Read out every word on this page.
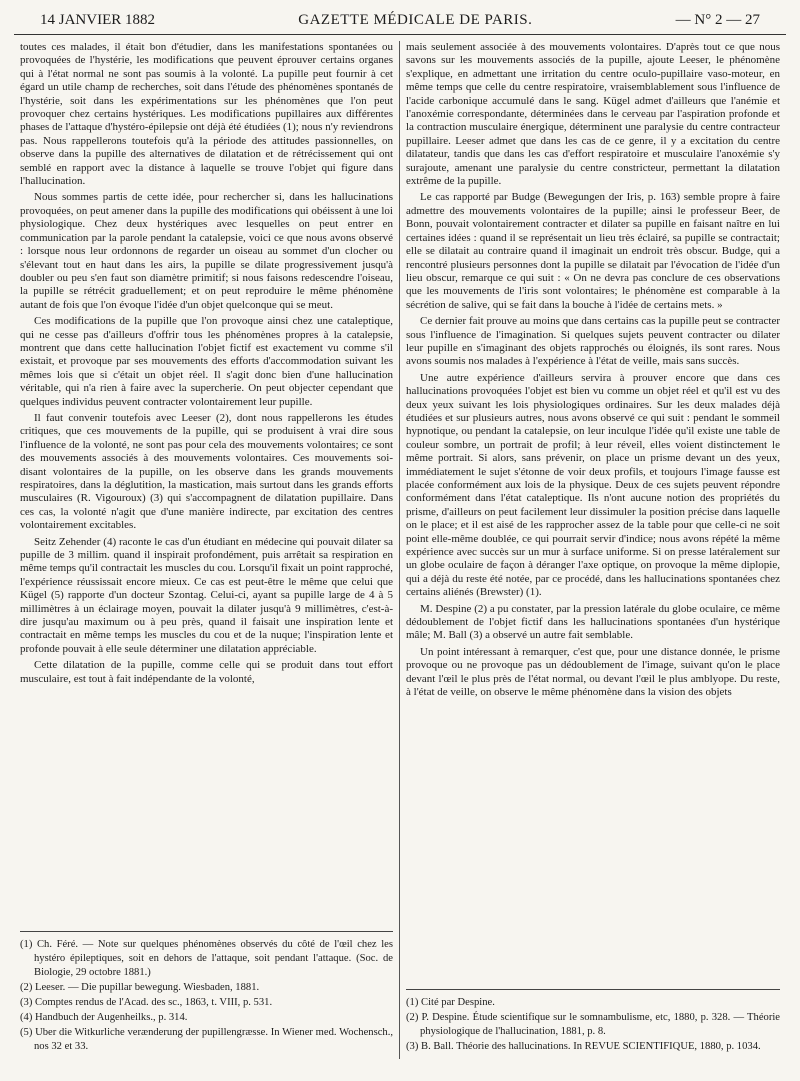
14 JANVIER 1882	GAZETTE MÉDICALE DE PARIS.	— N° 2 — 27

toutes ces malades, il était bon d'étudier, dans les manifestations spontanées ou provoquées de l'hystérie, les modifications que peuvent éprouver certains organes qui à l'état normal ne sont pas soumis à la volonté. La pupille peut fournir à cet égard un utile champ de recherches, soit dans l'étude des phénomènes spontanés de l'hystérie, soit dans les expérimentations sur les phénomènes que l'on peut provoquer chez certains hystériques. Les modifications pupillaires aux différentes phases de l'attaque d'hystéro-épilepsie ont déjà été étudiées (1); nous n'y reviendrons pas. Nous rappellerons toutefois qu'à la période des attitudes passionnelles, on observe dans la pupille des alternatives de dilatation et de rétrécissement qui ont semblé en rapport avec la distance à laquelle se trouve l'objet qui figure dans l'hallucination.

Nous sommes partis de cette idée, pour rechercher si, dans les hallucinations provoquées, on peut amener dans la pupille des modifications qui obéissent à une loi physiologique. Chez deux hystériques avec lesquelles on peut entrer en communication par la parole pendant la catalepsie, voici ce que nous avons observé : lorsque nous leur ordonnons de regarder un oiseau au sommet d'un clocher ou s'élevant tout en haut dans les airs, la pupille se dilate progressivement jusqu'à doubler ou peu s'en faut son diamètre primitif; si nous faisons redescendre l'oiseau, la pupille se rétrécit graduellement; et on peut reproduire le même phénomène autant de fois que l'on évoque l'idée d'un objet quelconque qui se meut.

Ces modifications de la pupille que l'on provoque ainsi chez une cataleptique, qui ne cesse pas d'ailleurs d'offrir tous les phénomènes propres à la catalepsie, montrent que dans cette hallucination l'objet fictif est exactement vu comme s'il existait, et provoque par ses mouvements des efforts d'accommodation suivant les mêmes lois que si c'était un objet réel. Il s'agit donc bien d'une hallucination véritable, qui n'a rien à faire avec la supercherie. On peut objecter cependant que quelques individus peuvent contracter volontairement leur pupille.

Il faut convenir toutefois avec Leeser (2), dont nous rappellerons les études critiques, que ces mouvements de la pupille, qui se produisent à vrai dire sous l'influence de la volonté, ne sont pas pour cela des mouvements volontaires; ce sont des mouvements associés à des mouvements volontaires. Ces mouvements soi-disant volontaires de la pupille, on les observe dans les grands mouvements respiratoires, dans la déglutition, la mastication, mais surtout dans les grands efforts musculaires (R. Vigouroux) (3) qui s'accompagnent de dilatation pupillaire. Dans ces cas, la volonté n'agit que d'une manière indirecte, par excitation des centres volontairement excitables.

Seitz Zehender (4) raconte le cas d'un étudiant en médecine qui pouvait dilater sa pupille de 3 millim. quand il inspirait profondément, puis arrêtait sa respiration en même temps qu'il contractait les muscles du cou. Lorsqu'il fixait un point rapproché, l'expérience réussissait encore mieux. Ce cas est peut-être le même que celui que Kügel (5) rapporte d'un docteur Szontag. Celui-ci, ayant sa pupille large de 4 à 5 millimètres à un éclairage moyen, pouvait la dilater jusqu'à 9 millimètres, c'est-à-dire jusqu'au maximum ou à peu près, quand il faisait une inspiration lente et contractait en même temps les muscles du cou et de la nuque; l'inspiration lente et profonde pouvait à elle seule déterminer une dilatation appréciable.

Cette dilatation de la pupille, comme celle qui se produit dans tout effort musculaire, est tout à fait indépendante de la volonté,

(1) Ch. Féré. — Note sur quelques phénomènes observés du côté de l'œil chez les hystéro épileptiques, soit en dehors de l'attaque, soit pendant l'attaque. (Soc. de Biologie, 29 octobre 1881.)
(2) Leeser. — Die pupillar bewegung. Wiesbaden, 1881.
(3) Comptes rendus de l'Acad. des sc., 1863, t. VIII, p. 531.
(4) Handbuch der Augenheilks., p. 314.
(5) Uber die Witkurliche verænderung der pupillengræsse. In Wiener med. Wochensch., nos 32 et 33.

mais seulement associée à des mouvements volontaires. D'après tout ce que nous savons sur les mouvements associés de la pupille, ajoute Leeser, le phénomène s'explique, en admettant une irritation du centre oculo-pupillaire vaso-moteur, en même temps que celle du centre respiratoire, vraisemblablement sous l'influence de l'acide carbonique accumulé dans le sang. Kügel admet d'ailleurs que l'anémie et l'anoxémie correspondante, déterminées dans le cerveau par l'aspiration profonde et la contraction musculaire énergique, déterminent une paralysie du centre contracteur pupillaire. Leeser admet que dans les cas de ce genre, il y a excitation du centre dilatateur, tandis que dans les cas d'effort respiratoire et musculaire l'anoxémie s'y surajoute, amenant une paralysie du centre constricteur, permettant la dilatation extrême de la pupille.

Le cas rapporté par Budge (Bewegungen der Iris, p. 163) semble propre à faire admettre des mouvements volontaires de la pupille; ainsi le professeur Beer, de Bonn, pouvait volontairement contracter et dilater sa pupille en faisant naître en lui certaines idées : quand il se représentait un lieu très éclairé, sa pupille se contractait; elle se dilatait au contraire quand il imaginait un endroit très obscur. Budge, qui a rencontré plusieurs personnes dont la pupille se dilatait par l'évocation de l'idée d'un lieu obscur, remarque ce qui suit : « On ne devra pas conclure de ces observations que les mouvements de l'iris sont volontaires; le phénomène est comparable à la sécrétion de salive, qui se fait dans la bouche à l'idée de certains mets. »

Ce dernier fait prouve au moins que dans certains cas la pupille peut se contracter sous l'influence de l'imagination. Si quelques sujets peuvent contracter ou dilater leur pupille en s'imaginant des objets rapprochés ou éloignés, ils sont rares. Nous avons soumis nos malades à l'expérience à l'état de veille, mais sans succès.

Une autre expérience d'ailleurs servira à prouver encore que dans ces hallucinations provoquées l'objet est bien vu comme un objet réel et qu'il est vu des deux yeux suivant les lois physiologiques ordinaires. Sur les deux malades déjà étudiées et sur plusieurs autres, nous avons observé ce qui suit : pendant le sommeil hypnotique, ou pendant la catalepsie, on leur inculque l'idée qu'il existe une table de couleur sombre, un portrait de profil; à leur réveil, elles voient distinctement le même portrait. Si alors, sans prévenir, on place un prisme devant un des yeux, immédiatement le sujet s'étonne de voir deux profils, et toujours l'image fausse est placée conformément aux lois de la physique. Deux de ces sujets peuvent répondre conformément dans l'état cataleptique. Ils n'ont aucune notion des propriétés du prisme, d'ailleurs on peut facilement leur dissimuler la position précise dans laquelle on le place; et il est aisé de les rapprocher assez de la table pour que celle-ci ne soit point elle-même doublée, ce qui pourrait servir d'indice; nous avons répété la même expérience avec succès sur un mur à surface uniforme. Si on presse latéralement sur un globe oculaire de façon à déranger l'axe optique, on provoque la même diplopie, qui a déjà du reste été notée, par ce procédé, dans les hallucinations spontanées chez certains aliénés (Brewster) (1).

M. Despine (2) a pu constater, par la pression latérale du globe oculaire, ce même dédoublement de l'objet fictif dans les hallucinations spontanées d'un hystérique mâle; M. Ball (3) a observé un autre fait semblable.

Un point intéressant à remarquer, c'est que, pour une distance donnée, le prisme provoque ou ne provoque pas un dédoublement de l'image, suivant qu'on le place devant l'œil le plus près de l'état normal, ou devant l'œil le plus amblyope. Du reste, à l'état de veille, on observe le même phénomène dans la vision des objets

(1) Cité par Despine.
(2) P. Despine. Étude scientifique sur le somnambulisme, etc, 1880, p. 328. — Théorie physiologique de l'hallucination, 1881, p. 8.
(3) B. Ball. Théorie des hallucinations. In REVUE SCIENTIFIQUE, 1880, p. 1034.
